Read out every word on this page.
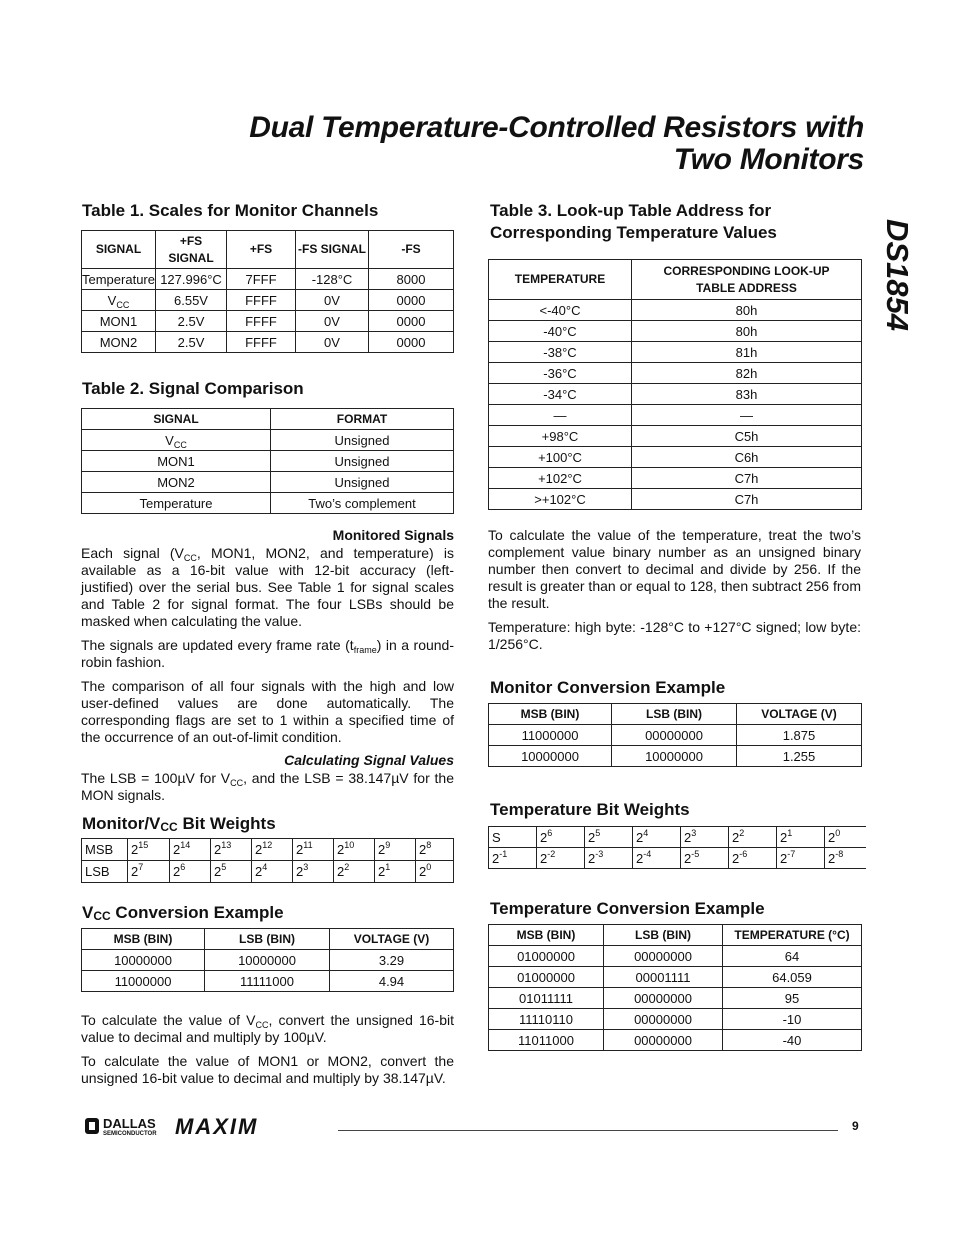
Dual Temperature-Controlled Resistors with
Two Monitors
DS1854
Table 1. Scales for Monitor Channels
SIGNAL	+FS SIGNAL	+FS	-FS SIGNAL	-FS
Temperature	127.996°C	7FFF	-128°C	8000
$V_{CC}$	6.55V	FFFF	0V	0000
MON1	2.5V	FFFF	0V	0000
MON2	2.5V	FFFF	0V	0000
Table 2. Signal Comparison
SIGNAL	FORMAT
$V_{CC}$	Unsigned
MON1	Unsigned
MON2	Unsigned
Temperature	Two’s complement
Monitored Signals

Each signal ($V_{CC}$, MON1, MON2, and temperature) is available as a 16-bit value with 12-bit accuracy (left-justified) over the serial bus. See Table 1 for signal scales and Table 2 for signal format. The four LSBs should be masked when calculating the value.

The signals are updated every frame rate $(t_{frame})$ in a round-robin fashion.

The comparison of all four signals with the high and low user-defined values are done automatically. The corresponding flags are set to 1 within a specified time of the occurrence of an out-of-limit condition.

Calculating Signal Values

The LSB = 100µV for $V_{CC}$, and the LSB = 38.147µV for the MON signals.

Monitor/$V_{CC}$ Bit Weights
MSB	$2^{15}$	$2^{14}$	$2^{13}$	$2^{12}$	$2^{11}$	$2^{10}$	$2^9$	$2^8$
LSB	$2^7$	$2^6$	$2^5$	$2^4$	$2^3$	$2^2$	$2^1$	$2^0$
$V_{CC}$ Conversion Example
MSB (BIN)	LSB (BIN)	VOLTAGE (V)
10000000	10000000	3.29
11000000	11111000	4.94

To calculate the value of $V_{CC}$, convert the unsigned 16-bit value to decimal and multiply by 100µV.

To calculate the value of MON1 or MON2, convert the unsigned 16-bit value to decimal and multiply by 38.147µV.

Table 3. Look-up Table Address for
Corresponding Temperature Values
TEMPERATURE	CORRESPONDING LOOK-UP TABLE ADDRESS
<-40°C	80h
-40°C	80h
-38°C	81h
-36°C	82h
-34°C	83h
—	—
+98°C	C5h
+100°C	C6h
+102°C	C7h
>+102°C	C7h

To calculate the value of the temperature, treat the two’s complement value binary number as an unsigned binary number then convert to decimal and divide by 256. If the result is greater than or equal to 128, then subtract 256 from the result.

Temperature: high byte: -128°C to +127°C signed; low byte: 1/256°C.

Monitor Conversion Example
MSB (BIN)	LSB (BIN)	VOLTAGE (V)
11000000	00000000	1.875
10000000	10000000	1.255
Temperature Bit Weights
S	$2^6$	$2^5$	$2^4$	$2^3$	$2^2$	$2^1$	$2^0$
$2^{-1}$	$2^{-2}$	$2^{-3}$	$2^{-4}$	$2^{-5}$	$2^{-6}$	$2^{-7}$	$2^{-8}$
Temperature Conversion Example
MSB (BIN)	LSB (BIN)	TEMPERATURE (°C)
01000000	00000000	64
01000000	00001111	64.059
01011111	00000000	95
11110110	00000000	-10
11011000	00000000	-40
DALLAS
SEMICONDUCTOR MAXIM	9
